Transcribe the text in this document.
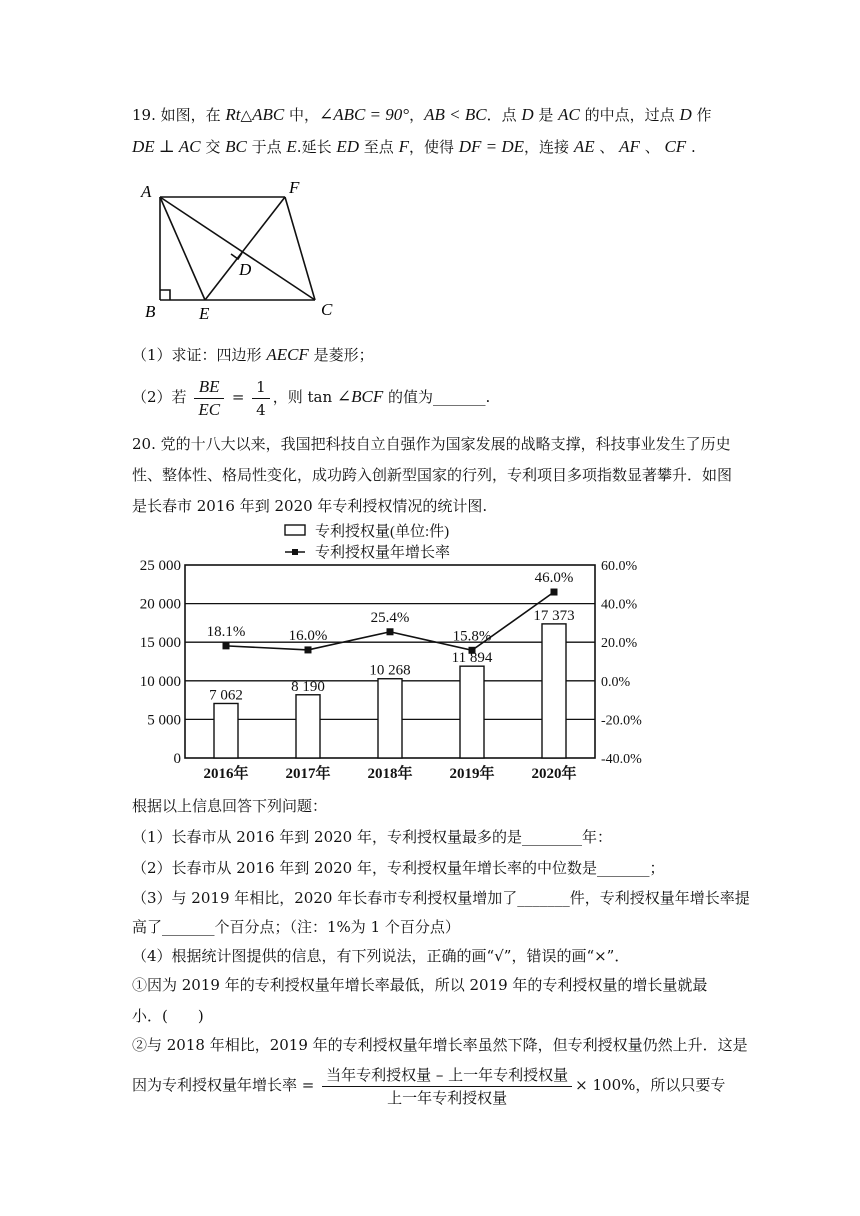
19. 如图，在 Rt△ABC 中，∠ABC = 90°，AB < BC．点 D 是 AC 的中点，过点 D 作
DE ⊥ AC 交 BC 于点 E.延长 ED 至点 F，使得 DF = DE，连接 AE 、 AF 、 CF .
A	F
D
B	E	C
（1）求证：四边形 AECF 是菱形；
（2）若 $\frac{BE}{EC} = \frac{1}{4}$ ，则 tan ∠BCF 的值为_______.
20. 党的十八大以来，我国把科技自立自强作为国家发展的战略支撑，科技事业发生了历史
性、整体性、格局性变化，成功跨入创新型国家的行列，专利项目多项指数显著攀升．如图
是长春市 2016 年到 2020 年专利授权情况的统计图.
0	-40.0%
5 000	-20.0%
10 000	0.0%
15 000	20.0%
20 000	40.0%
25 000	60.0%
7 062
2016年
18.1%
8 190
2017年
16.0%
10 268
2018年
25.4%
11 894
2019年
15.8%
17 373
2020年
46.0%
专利授权量(单位:件)
专利授权量年增长率
根据以上信息回答下列问题：
（1）长春市从 2016 年到 2020 年，专利授权量最多的是________年：
（2）长春市从 2016 年到 2020 年，专利授权量年增长率的中位数是_______；
（3）与 2019 年相比，2020 年长春市专利授权量增加了_______件，专利授权量年增长率提
高了_______个百分点；（注：1%为 1 个百分点）
（4）根据统计图提供的信息，有下列说法，正确的画“√”，错误的画“×”．
①因为 2019 年的专利授权量年增长率最低，所以 2019 年的专利授权量的增长量就最
小．(　　)
②与 2018 年相比，2019 年的专利授权量年增长率虽然下降，但专利授权量仍然上升．这是
因为专利授权量年增长率 = $\frac{\text{当年专利授权量 – 上一年专利授权量}}{\text{上一年专利授权量}} \times 100\%$，所以只要专
